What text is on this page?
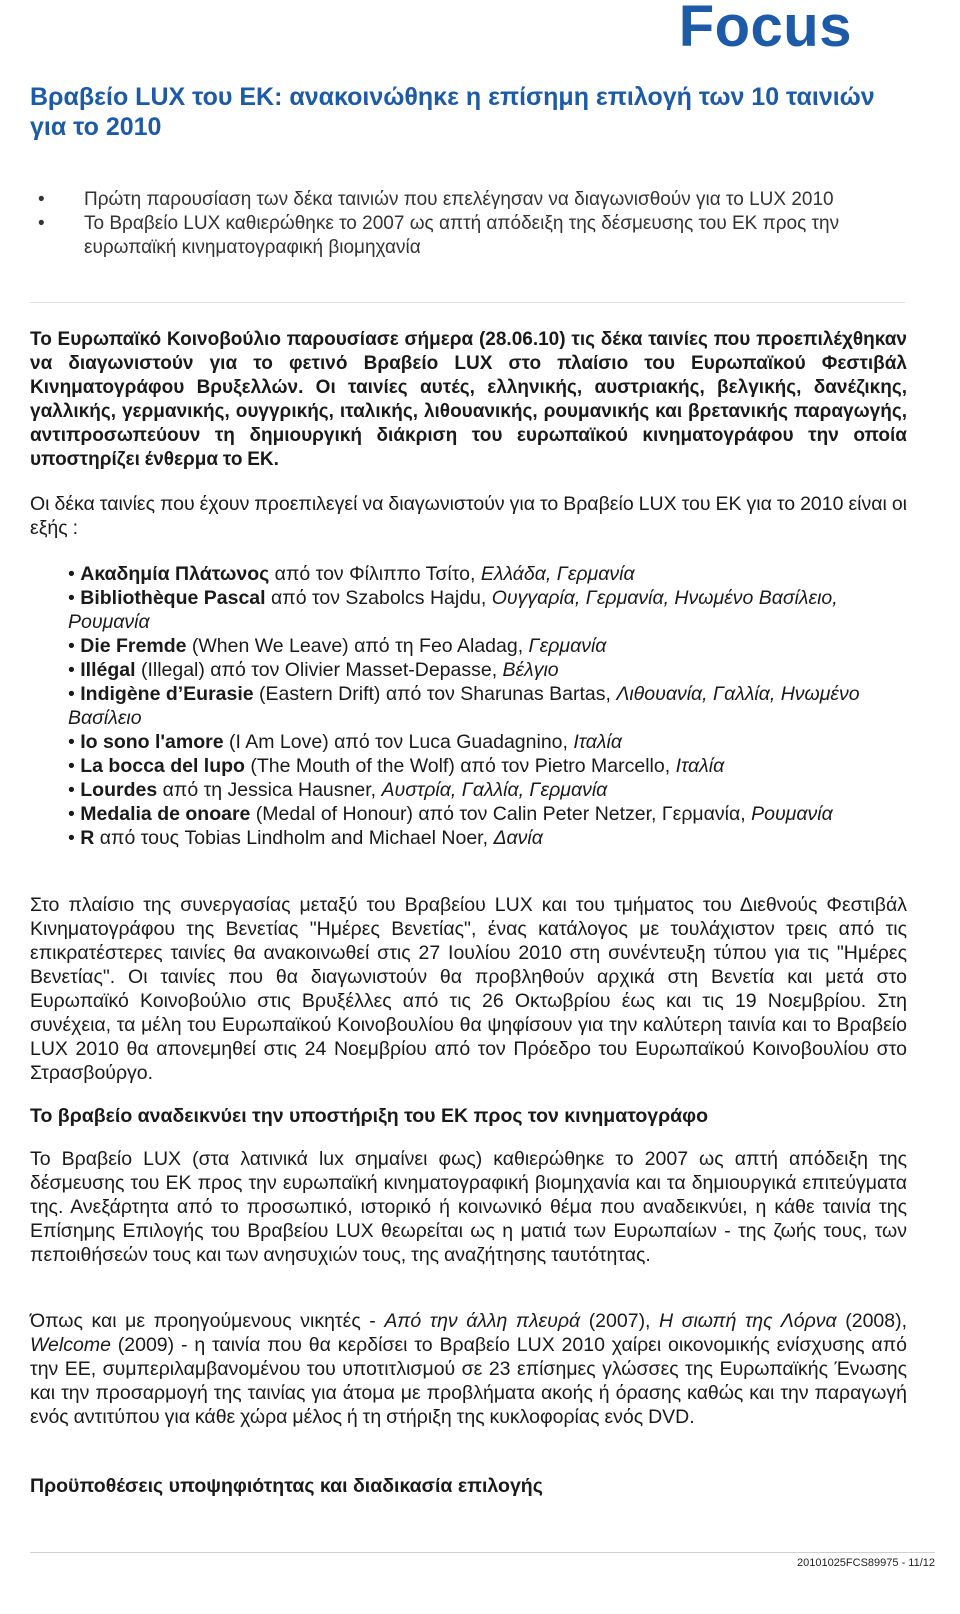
Focus
Βραβείο LUX του ΕΚ: ανακοινώθηκε η επίσημη επιλογή των 10 ταινιών για το 2010
• Πρώτη παρουσίαση των δέκα ταινιών που επελέγησαν να διαγωνισθούν για το LUX 2010
• Το Βραβείο LUX καθιερώθηκε το 2007 ως απτή απόδειξη της δέσμευσης του ΕΚ προς την ευρωπαϊκή κινηματογραφική βιομηχανία

Το Ευρωπαϊκό Κοινοβούλιο παρουσίασε σήμερα (28.06.10) τις δέκα ταινίες που προεπιλέχθηκαν να διαγωνιστούν για το φετινό Βραβείο LUX στο πλαίσιο του Ευρωπαϊκού Φεστιβάλ Κινηματογράφου Βρυξελλών. Οι ταινίες αυτές, ελληνικής, αυστριακής, βελγικής, δανέζικης, γαλλικής, γερμανικής, ουγγρικής, ιταλικής, λιθουανικής, ρουμανικής και βρετανικής παραγωγής, αντιπροσωπεύουν τη δημιουργική διάκριση του ευρωπαϊκού κινηματογράφου την οποία υποστηρίζει ένθερμα το ΕΚ.

Οι δέκα ταινίες που έχουν προεπιλεγεί να διαγωνιστούν για το Βραβείο LUX του ΕΚ για το 2010 είναι οι εξής :

• Ακαδημία Πλάτωνος από τον Φίλιππο Τσίτο, Ελλάδα, Γερμανία
• Bibliothèque Pascal από τον Szabolcs Hajdu, Ουγγαρία, Γερμανία, Ηνωμένο Βασίλειο, Ρουμανία
• Die Fremde (When We Leave) από τη Feo Aladag, Γερμανία
• Illégal (Illegal) από τον Olivier Masset-Depasse, Βέλγιο
• Indigène d’Eurasie (Eastern Drift) από τον Sharunas Bartas, Λιθουανία, Γαλλία, Ηνωμένο Βασίλειο
• Io sono l'amore (I Am Love) από τον Luca Guadagnino, Ιταλία
• La bocca del lupo (The Mouth of the Wolf) από τον Pietro Marcello, Ιταλία
• Lourdes από τη Jessica Hausner, Αυστρία, Γαλλία, Γερμανία
• Medalia de onoare (Medal of Honour) από τον Calin Peter Netzer, Γερμανία, Ρουμανία
• R από τους Tobias Lindholm and Michael Noer, Δανία

Στο πλαίσιο της συνεργασίας μεταξύ του Βραβείου LUX και του τμήματος του Διεθνούς Φεστιβάλ Κινηματογράφου της Βενετίας "Ημέρες Βενετίας", ένας κατάλογος με τουλάχιστον τρεις από τις επικρατέστερες ταινίες θα ανακοινωθεί στις 27 Ιουλίου 2010 στη συνέντευξη τύπου για τις "Ημέρες Βενετίας". Οι ταινίες που θα διαγωνιστούν θα προβληθούν αρχικά στη Βενετία και μετά στο Ευρωπαϊκό Κοινοβούλιο στις Βρυξέλλες από τις 26 Οκτωβρίου έως και τις 19 Νοεμβρίου. Στη συνέχεια, τα μέλη του Ευρωπαϊκού Κοινοβουλίου θα ψηφίσουν για την καλύτερη ταινία και το Βραβείο LUX 2010 θα απονεμηθεί στις 24 Νοεμβρίου από τον Πρόεδρο του Ευρωπαϊκού Κοινοβουλίου στο Στρασβούργο.

Το βραβείο αναδεικνύει την υποστήριξη του ΕΚ προς τον κινηματογράφο

Το Βραβείο LUX (στα λατινικά lux σημαίνει φως) καθιερώθηκε το 2007 ως απτή απόδειξη της δέσμευσης του ΕΚ προς την ευρωπαϊκή κινηματογραφική βιομηχανία και τα δημιουργικά επιτεύγματα της. Ανεξάρτητα από το προσωπικό, ιστορικό ή κοινωνικό θέμα που αναδεικνύει, η κάθε ταινία της Επίσημης Επιλογής του Βραβείου LUX θεωρείται ως η ματιά των Ευρωπαίων - της ζωής τους, των πεποιθήσεών τους και των ανησυχιών τους, της αναζήτησης ταυτότητας.

Όπως και με προηγούμενους νικητές - Από την άλλη πλευρά (2007), Η σιωπή της Λόρνα (2008), Welcome (2009) - η ταινία που θα κερδίσει το Βραβείο LUX 2010 χαίρει οικονομικής ενίσχυσης από την ΕΕ, συμπεριλαμβανομένου του υποτιτλισμού σε 23 επίσημες γλώσσες της Ευρωπαϊκής Ένωσης και την προσαρμογή της ταινίας για άτομα με προβλήματα ακοής ή όρασης καθώς και την παραγωγή ενός αντιτύπου για κάθε χώρα μέλος ή τη στήριξη της κυκλοφορίας ενός DVD.

Προϋποθέσεις υποψηφιότητας και διαδικασία επιλογής
20101025FCS89975 - 11/12
